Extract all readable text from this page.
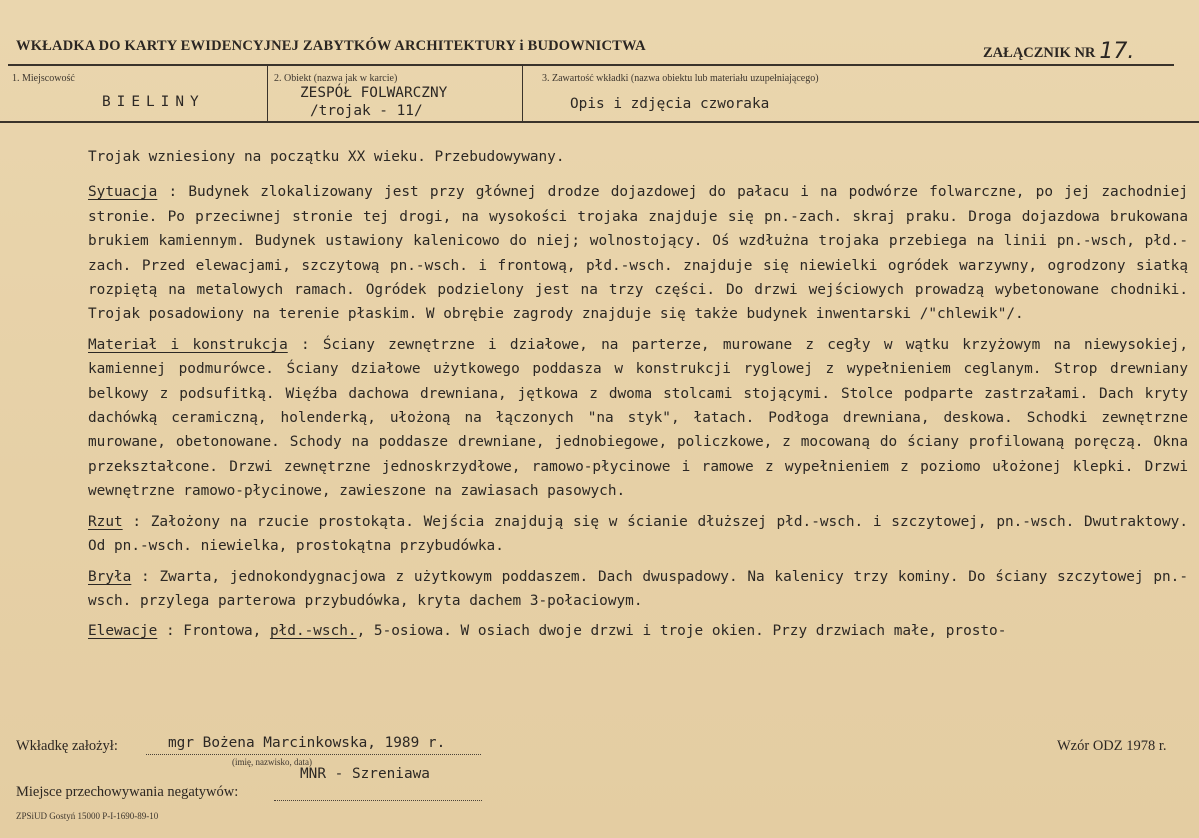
WKŁADKA DO KARTY EWIDENCYJNEJ ZABYTKÓW ARCHITEKTURY i BUDOWNICTWA	ZAŁĄCZNIK NR 17.
1. Miejscowość
BIELINY
2. Obiekt (nazwa jak w karcie)
ZESPÓŁ FOLWARCZNY
/trojak - 11/
3. Zawartość wkładki (nazwa obiektu lub materiału uzupełniającego)
Opis i zdjęcia czworaka

Trojak wzniesiony na początku XX wieku. Przebudowywany.

Sytuacja : Budynek zlokalizowany jest przy głównej drodze dojazdowej do pałacu i na podwórze folwarczne, po jej zachodniej stronie. Po przeciwnej stronie tej drogi, na wysokości trojaka znajduje się pn.-zach. skraj praku. Droga dojazdowa brukowana brukiem kamiennym. Budynek ustawiony kalenicowo do niej; wolnostojący. Oś wzdłużna trojaka przebiega na linii pn.-wsch, płd.-zach. Przed elewacjami, szczytową pn.-wsch. i frontową, płd.-wsch. znajduje się niewielki ogródek warzywny, ogrodzony siatką rozpiętą na metalowych ramach. Ogródek podzielony jest na trzy części. Do drzwi wejściowych prowadzą wybetonowane chodniki. Trojak posadowiony na terenie płaskim. W obrębie zagrody znajduje się także budynek inwentarski /"chlewik"/.

Materiał i konstrukcja : Ściany zewnętrzne i działowe, na parterze, murowane z cegły w wątku krzyżowym na niewysokiej, kamiennej podmurówce. Ściany działowe użytkowego poddasza w konstrukcji ryglowej z wypełnieniem ceglanym. Strop drewniany belkowy z podsufitką. Więźba dachowa drewniana, jętkowa z dwoma stolcami stojącymi. Stolce podparte zastrzałami. Dach kryty dachówką ceramiczną, holenderką, ułożoną na łączonych "na styk", łatach. Podłoga drewniana, deskowa. Schodki zewnętrzne murowane, obetonowane. Schody na poddasze drewniane, jednobiegowe, policzkowe, z mocowaną do ściany profilowaną poręczą. Okna przekształcone. Drzwi zewnętrzne jednoskrzydłowe, ramowo-płycinowe i ramowe z wypełnieniem z poziomo ułożonej klepki. Drzwi wewnętrzne ramowo-płycinowe, zawieszone na zawiasach pasowych.

Rzut : Założony na rzucie prostokąta. Wejścia znajdują się w ścianie dłuższej płd.-wsch. i szczytowej, pn.-wsch. Dwutraktowy. Od pn.-wsch. niewielka, prostokątna przybudówka.

Bryła : Zwarta, jednokondygnacjowa z użytkowym poddaszem. Dach dwuspadowy. Na kalenicy trzy kominy. Do ściany szczytowej pn.-wsch. przylega parterowa przybudówka, kryta dachem 3-połaciowym.

Elewacje : Frontowa, płd.-wsch., 5-osiowa. W osiach dwoje drzwi i troje okien. Przy drzwiach małe, prosto-

Wkładkę założył:	mgr Bożena Marcinkowska, 1989 r.
(imię, nazwisko, data)
Wzór ODZ 1978 r.
MNR - Szreniawa
Miejsce przechowywania negatywów:
ZPSiUD Gostyń 15000 P-I-1690-89-10
